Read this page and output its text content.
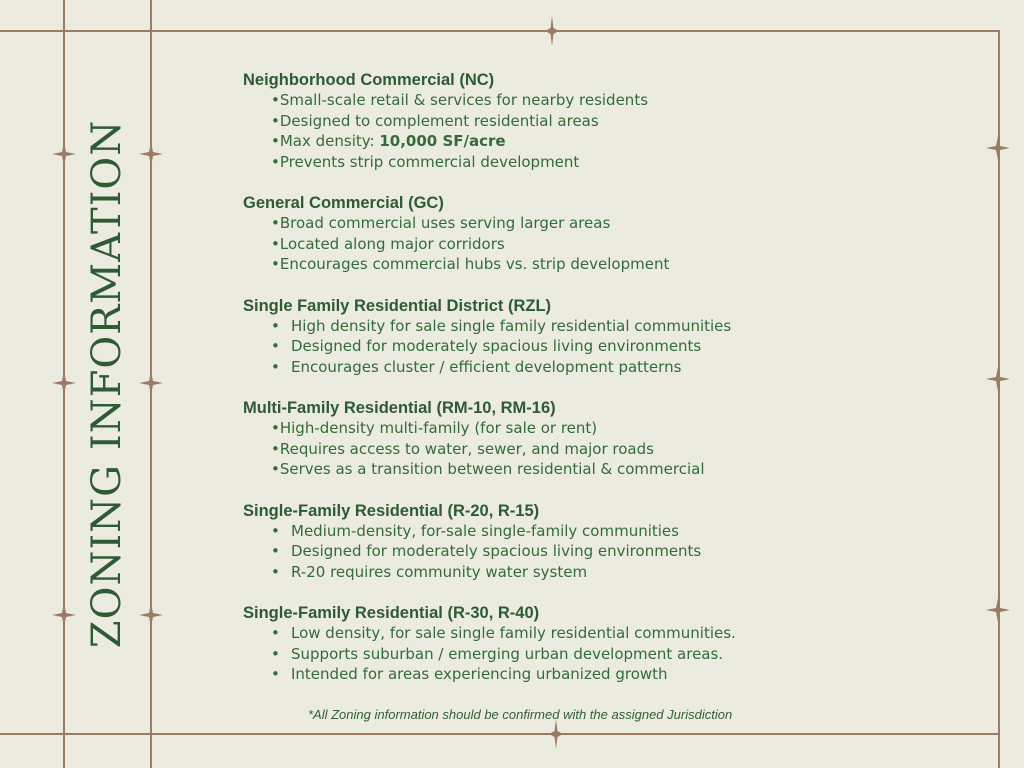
ZONING INFORMATION
Neighborhood Commercial (NC)
•Small-scale retail & services for nearby residents
•Designed to complement residential areas
•Max density: 10,000 SF/acre
•Prevents strip commercial development
General Commercial (GC)
•Broad commercial uses serving larger areas
•Located along major corridors
•Encourages commercial hubs vs. strip development
Single Family Residential District (RZL)
• High density for sale single family residential communities
• Designed for moderately spacious living environments
• Encourages cluster / efficient development patterns
Multi-Family Residential (RM-10, RM-16)
•High-density multi-family (for sale or rent)
•Requires access to water, sewer, and major roads
•Serves as a transition between residential & commercial
Single-Family Residential (R-20, R-15)
• Medium-density, for-sale single-family communities
• Designed for moderately spacious living environments
• R-20 requires community water system
Single-Family Residential (R-30, R-40)
• Low density, for sale single family residential communities.
• Supports suburban / emerging urban development areas.
• Intended for areas experiencing urbanized growth
*All Zoning information should be confirmed with the assigned Jurisdiction
